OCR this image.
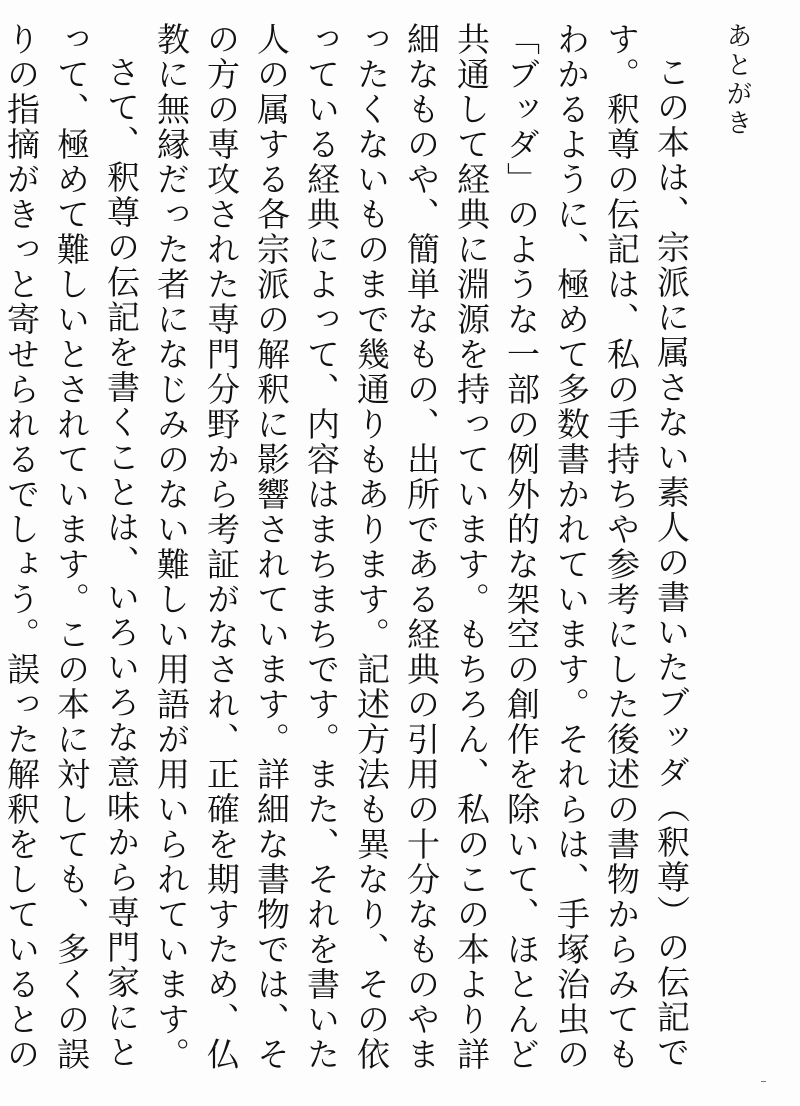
あとがき

この本は、宗派に属さない素人の書いたブッダ（釈尊）の伝記です。釈尊の伝記は、私の手持ちや参考にした後述の書物からみてもわかるように、極めて多数書かれています。それらは、手塚治虫の「ブッダ」のような一部の例外的な架空の創作を除いて、ほとんど共通して経典に淵源を持っています。もちろん、私のこの本より詳細なものや、簡単なもの、出所である経典の引用の十分なものやまったくないものまで幾通りもあります。記述方法も異なり、その依っている経典によって、内容はまちまちです。また、それを書いた人の属する各宗派の解釈に影響されています。詳細な書物では、その方の専攻された専門分野から考証がなされ、正確を期すため、仏教に無縁だった者になじみのない難しい用語が用いられています。

さて、釈尊の伝記を書くことは、いろいろな意味から専門家にとって、極めて難しいとされています。この本に対しても、多くの誤りの指摘がきっと寄せられるでしょう。誤った解釈をしているとの
